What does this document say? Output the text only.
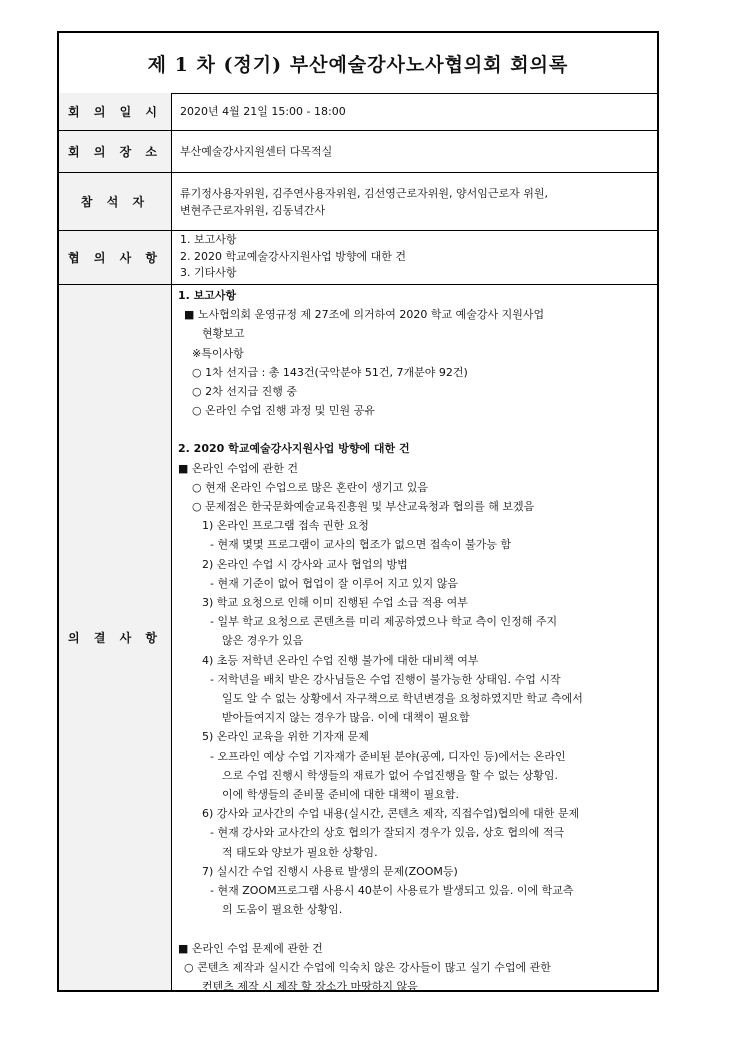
제 1 차 (정기) 부산예술강사노사협의회 회의록
회 의 일 시	2020년 4월 21일 15:00 - 18:00
회 의 장 소	부산예술강사지원센터 다목적실
참 석 자
류기정사용자위원, 김주연사용자위원, 김선영근로자위원, 양서임근로자 위원,
변현주근로자위원, 김동녘간사
협 의 사 항
1. 보고사항
2. 2020 학교예술강사지원사업 방향에 대한 건
3. 기타사항
의 결 사 항
1. 보고사항
■ 노사협의회 운영규정 제 27조에 의거하여 2020 학교 예술강사 지원사업
현황보고
※특이사항
○ 1차 선지급 : 총 143건(국악분야 51건, 7개분야 92건)
○ 2차 선지급 진행 중
○ 온라인 수업 진행 과정 및 민원 공유
2. 2020 학교예술강사지원사업 방향에 대한 건
■ 온라인 수업에 관한 건
○ 현재 온라인 수업으로 많은 혼란이 생기고 있음
○ 문제점은 한국문화예술교육진흥원 및 부산교육청과 협의를 해 보겠음
1) 온라인 프로그램 접속 권한 요청
- 현재 몇몇 프로그램이 교사의 협조가 없으면 접속이 불가능 함
2) 온라인 수업 시 강사와 교사 협업의 방법
- 현재 기준이 없어 협업이 잘 이루어 지고 있지 않음
3) 학교 요청으로 인해 이미 진행된 수업 소급 적용 여부
- 일부 학교 요청으로 콘텐츠를 미리 제공하였으나 학교 측이 인정해 주지
않은 경우가 있음
4) 초등 저학년 온라인 수업 진행 불가에 대한 대비책 여부
- 저학년을 배치 받은 강사님들은 수업 진행이 불가능한 상태임. 수업 시작
일도 알 수 없는 상황에서 자구책으로 학년변경을 요청하였지만 학교 측에서
받아들여지지 않는 경우가 많음. 이에 대책이 필요함
5) 온라인 교육을 위한 기자재 문제
- 오프라인 예상 수업 기자재가 준비된 분야(공예, 디자인 등)에서는 온라인
으로 수업 진행시 학생들의 재료가 없어 수업진행을 할 수 없는 상황임.
이에 학생들의 준비물 준비에 대한 대책이 필요함.
6) 강사와 교사간의 수업 내용(실시간, 콘텐츠 제작, 직접수업)협의에 대한 문제
- 현재 강사와 교사간의 상호 협의가 잘되지 경우가 있음, 상호 협의에 적극
적 태도와 양보가 필요한 상황임.
7) 실시간 수업 진행시 사용료 발생의 문제(ZOOM등)
- 현재 ZOOM프로그램 사용시 40분이 사용료가 발생되고 있음. 이에 학교측
의 도움이 필요한 상황임.
■ 온라인 수업 문제에 관한 건
○ 콘텐츠 제작과 실시간 수업에 익숙치 않은 강사들이 많고 실기 수업에 관한
컨텐츠 제작 시 제작 할 장소가 마땅하지 않음
